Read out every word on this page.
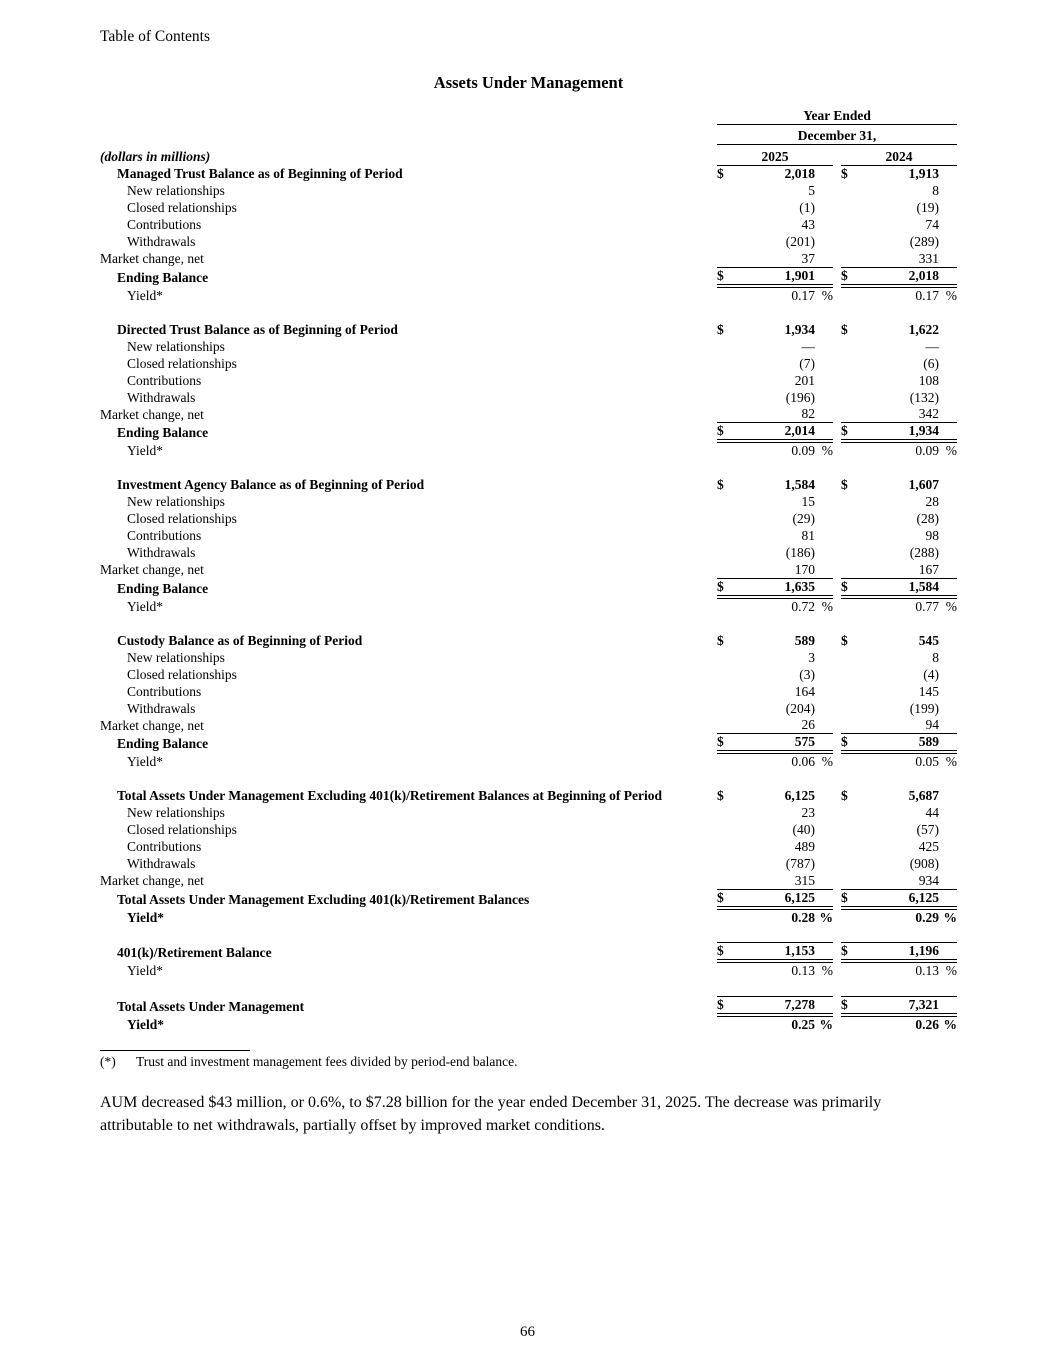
Table of Contents
Assets Under Management
	Year Ended						
	December 31,						
(dollars in millions)	2025				2024		
Managed Trust Balance as of Beginning of Period	$	2,018			$	1,913	
New relationships		5				8	
Closed relationships		(1)				(19)	
Contributions		43				74	
Withdrawals		(201)				(289)	
Market change, net		37				331	
Ending Balance	$	1,901			$	2,018	
Yield*		0.17	%			0.17	%

Directed Trust Balance as of Beginning of Period	$	1,934			$	1,622	
New relationships		—				—	
Closed relationships		(7)				(6)	
Contributions		201				108	
Withdrawals		(196)				(132)	
Market change, net		82				342	
Ending Balance	$	2,014			$	1,934	
Yield*		0.09	%			0.09	%

Investment Agency Balance as of Beginning of Period	$	1,584			$	1,607	
New relationships		15				28	
Closed relationships		(29)				(28)	
Contributions		81				98	
Withdrawals		(186)				(288)	
Market change, net		170				167	
Ending Balance	$	1,635			$	1,584	
Yield*		0.72	%			0.77	%

Custody Balance as of Beginning of Period	$	589			$	545	
New relationships		3				8	
Closed relationships		(3)				(4)	
Contributions		164				145	
Withdrawals		(204)				(199)	
Market change, net		26				94	
Ending Balance	$	575			$	589	
Yield*		0.06	%			0.05	%

Total Assets Under Management Excluding 401(k)/Retirement Balances at Beginning of Period	$	6,125			$	5,687	
New relationships		23				44	
Closed relationships		(40)				(57)	
Contributions		489				425	
Withdrawals		(787)				(908)	
Market change, net		315				934	
Total Assets Under Management Excluding 401(k)/Retirement Balances	$	6,125			$	6,125	
Yield*		0.28	%			0.29	%

401(k)/Retirement Balance	$	1,153			$	1,196	
Yield*		0.13	%			0.13	%

Total Assets Under Management	$	7,278			$	7,321	
Yield*		0.25	%			0.26	%
(*)	Trust and investment management fees divided by period-end balance.
AUM decreased $43 million, or 0.6%, to $7.28 billion for the year ended December 31, 2025. The decrease was primarily attributable to net withdrawals, partially offset by improved market conditions.
66
